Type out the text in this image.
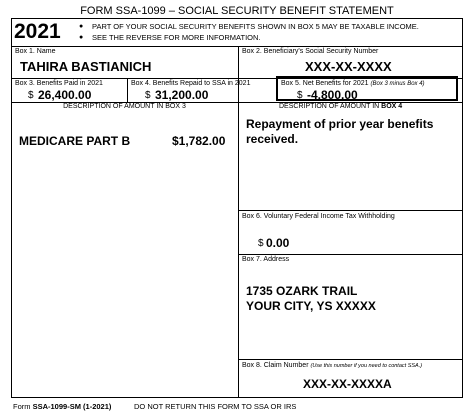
FORM SSA-1099 – SOCIAL SECURITY BENEFIT STATEMENT
2021	● PART OF YOUR SOCIAL SECURITY BENEFITS SHOWN IN BOX 5 MAY BE TAXABLE INCOME.
● SEE THE REVERSE FOR MORE INFORMATION.
Box 1. Name
TAHIRA BASTIANICH
Box 2. Beneficiary's Social Security Number
XXX-XX-XXXX
Box 3. Benefits Paid in 2021
$ 26,400.00
Box 4. Benefits Repaid to SSA in 2021
$ 31,200.00
Box 5. Net Benefits for 2021 (Box 3 minus Box 4)
$ -4,800.00
DESCRIPTION OF AMOUNT IN BOX 3
MEDICARE PART B	$1,782.00
DESCRIPTION OF AMOUNT IN BOX 4
Repayment of prior year benefits
received.
Box 6. Voluntary Federal Income Tax Withholding
$ 0.00
Box 7. Address
1735 OZARK TRAIL
YOUR CITY, YS XXXXX
Box 8. Claim Number (Use this number if you need to contact SSA.)
XXX-XX-XXXXA
Form SSA-1099-SM (1-2021)	DO NOT RETURN THIS FORM TO SSA OR IRS
